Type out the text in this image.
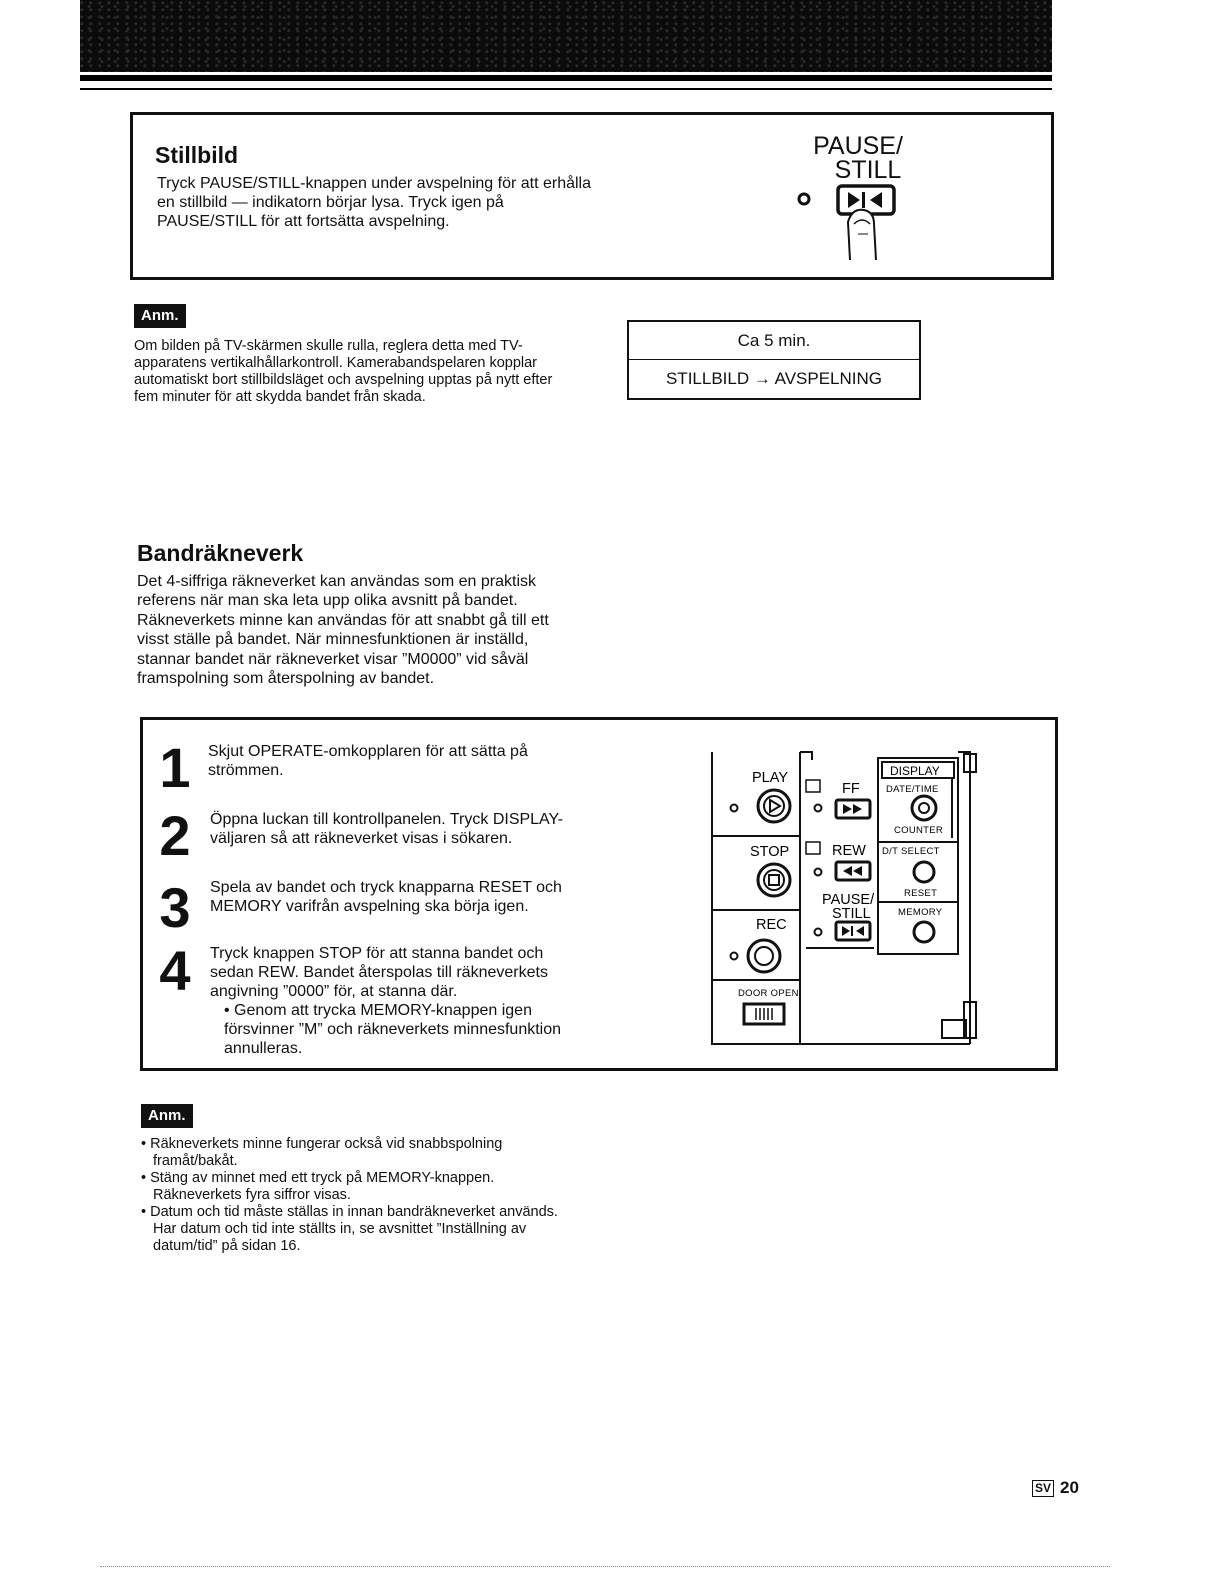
Stillbild
Tryck PAUSE/STILL-knappen under avspelning för att erhålla en stillbild — indikatorn börjar lysa. Tryck igen på PAUSE/STILL för att fortsätta avspelning.
PAUSE/
STILL
Anm.
Om bilden på TV-skärmen skulle rulla, reglera detta med TV-apparatens vertikalhållarkontroll. Kamerabandspelaren kopplar automatiskt bort stillbildsläget och avspelning upptas på nytt efter fem minuter för att skydda bandet från skada.
Ca 5 min.
STILLBILD → AVSPELNING
Bandräkneverk
Det 4-siffriga räkneverket kan användas som en praktisk referens när man ska leta upp olika avsnitt på bandet. Räkneverkets minne kan användas för att snabbt gå till ett visst ställe på bandet. När minnesfunktionen är inställd, stannar bandet när räkneverket visar ”M0000” vid såväl framspolning som återspolning av bandet.
1 Skjut OPERATE-omkopplaren för att sätta på strömmen.
2 Öppna luckan till kontrollpanelen. Tryck DISPLAY-väljaren så att räkneverket visas i sökaren.
3 Spela av bandet och tryck knapparna RESET och MEMORY varifrån avspelning ska börja igen.
4 Tryck knappen STOP för att stanna bandet och sedan REW. Bandet återspolas till räkneverkets angivning ”0000” för, at stanna där.
• Genom att trycka MEMORY-knappen igen försvinner ”M” och räkneverkets minnesfunktion annulleras.
PLAY
STOP
REC
FF
REW
PAUSE/
STILL
DISPLAY
DATE/TIME
COUNTER
D/T SELECT
RESET
MEMORY
DOOR OPEN
Anm.
• Räkneverkets minne fungerar också vid snabbspolning framåt/bakåt.
• Stäng av minnet med ett tryck på MEMORY-knappen. Räkneverkets fyra siffror visas.
• Datum och tid måste ställas in innan bandräkneverket används. Har datum och tid inte ställts in, se avsnittet ”Inställning av datum/tid” på sidan 16.
SV 20
